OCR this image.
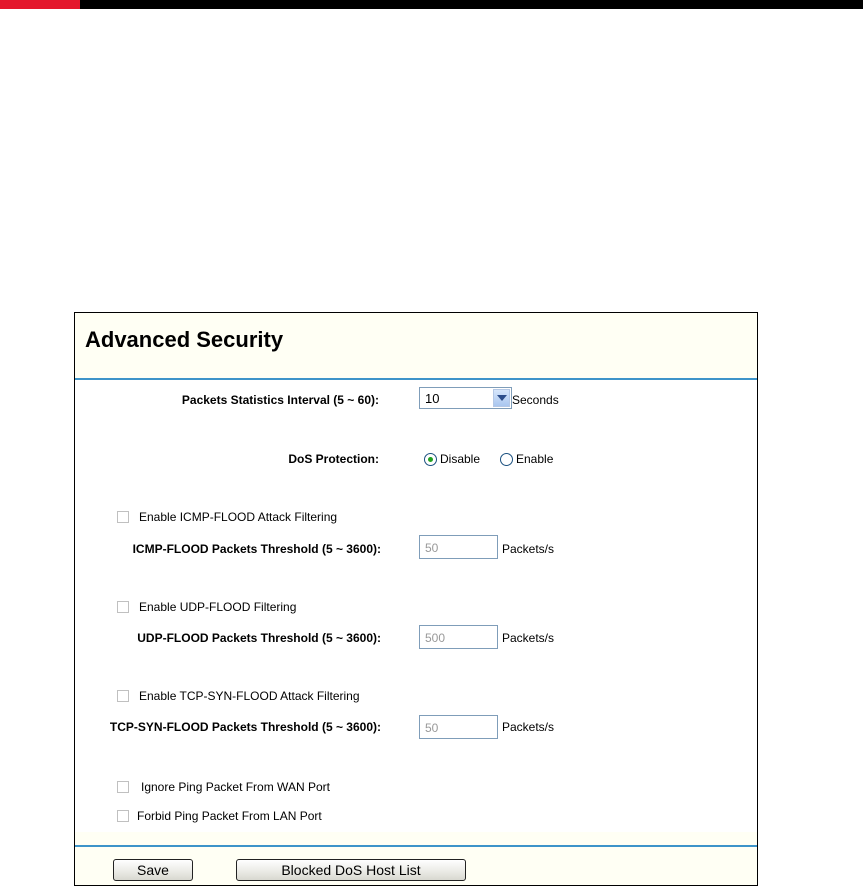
Advanced Security
Packets Statistics Interval (5 ~ 60):	10	Seconds
DoS Protection:	Disable	Enable
Enable ICMP-FLOOD Attack Filtering
ICMP-FLOOD Packets Threshold (5 ~ 3600):	50	Packets/s
Enable UDP-FLOOD Filtering
UDP-FLOOD Packets Threshold (5 ~ 3600):	500	Packets/s
Enable TCP-SYN-FLOOD Attack Filtering
TCP-SYN-FLOOD Packets Threshold (5 ~ 3600):	50	Packets/s
Ignore Ping Packet From WAN Port
Forbid Ping Packet From LAN Port
Save	Blocked DoS Host List
